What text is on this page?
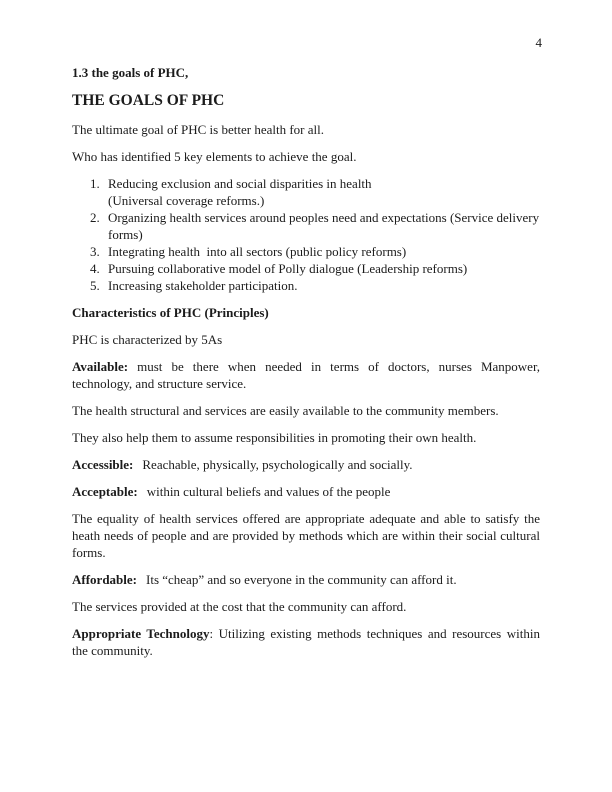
4

1.3 the goals of PHC,

THE GOALS OF PHC

The ultimate goal of PHC is better health for all.

Who has identified 5 key elements to achieve the goal.

1. Reducing exclusion and social disparities in health
(Universal coverage reforms.)
2. Organizing health services around peoples need and expectations (Service delivery forms)
3. Integrating health  into all sectors (public policy reforms)
4. Pursuing collaborative model of Polly dialogue (Leadership reforms)
5. Increasing stakeholder participation.

Characteristics of PHC (Principles)

PHC is characterized by 5As

Available: must be there when needed in terms of doctors, nurses Manpower, technology, and structure service.

The health structural and services are easily available to the community members.

They also help them to assume responsibilities in promoting their own health.

Accessible: Reachable, physically, psychologically and socially.

Acceptable: within cultural beliefs and values of the people

The equality of health services offered are appropriate adequate and able to satisfy the heath needs of people and are provided by methods which are within their social cultural forms.

Affordable: Its “cheap” and so everyone in the community can afford it.

The services provided at the cost that the community can afford.

Appropriate Technology: Utilizing existing methods techniques and resources within the community.
